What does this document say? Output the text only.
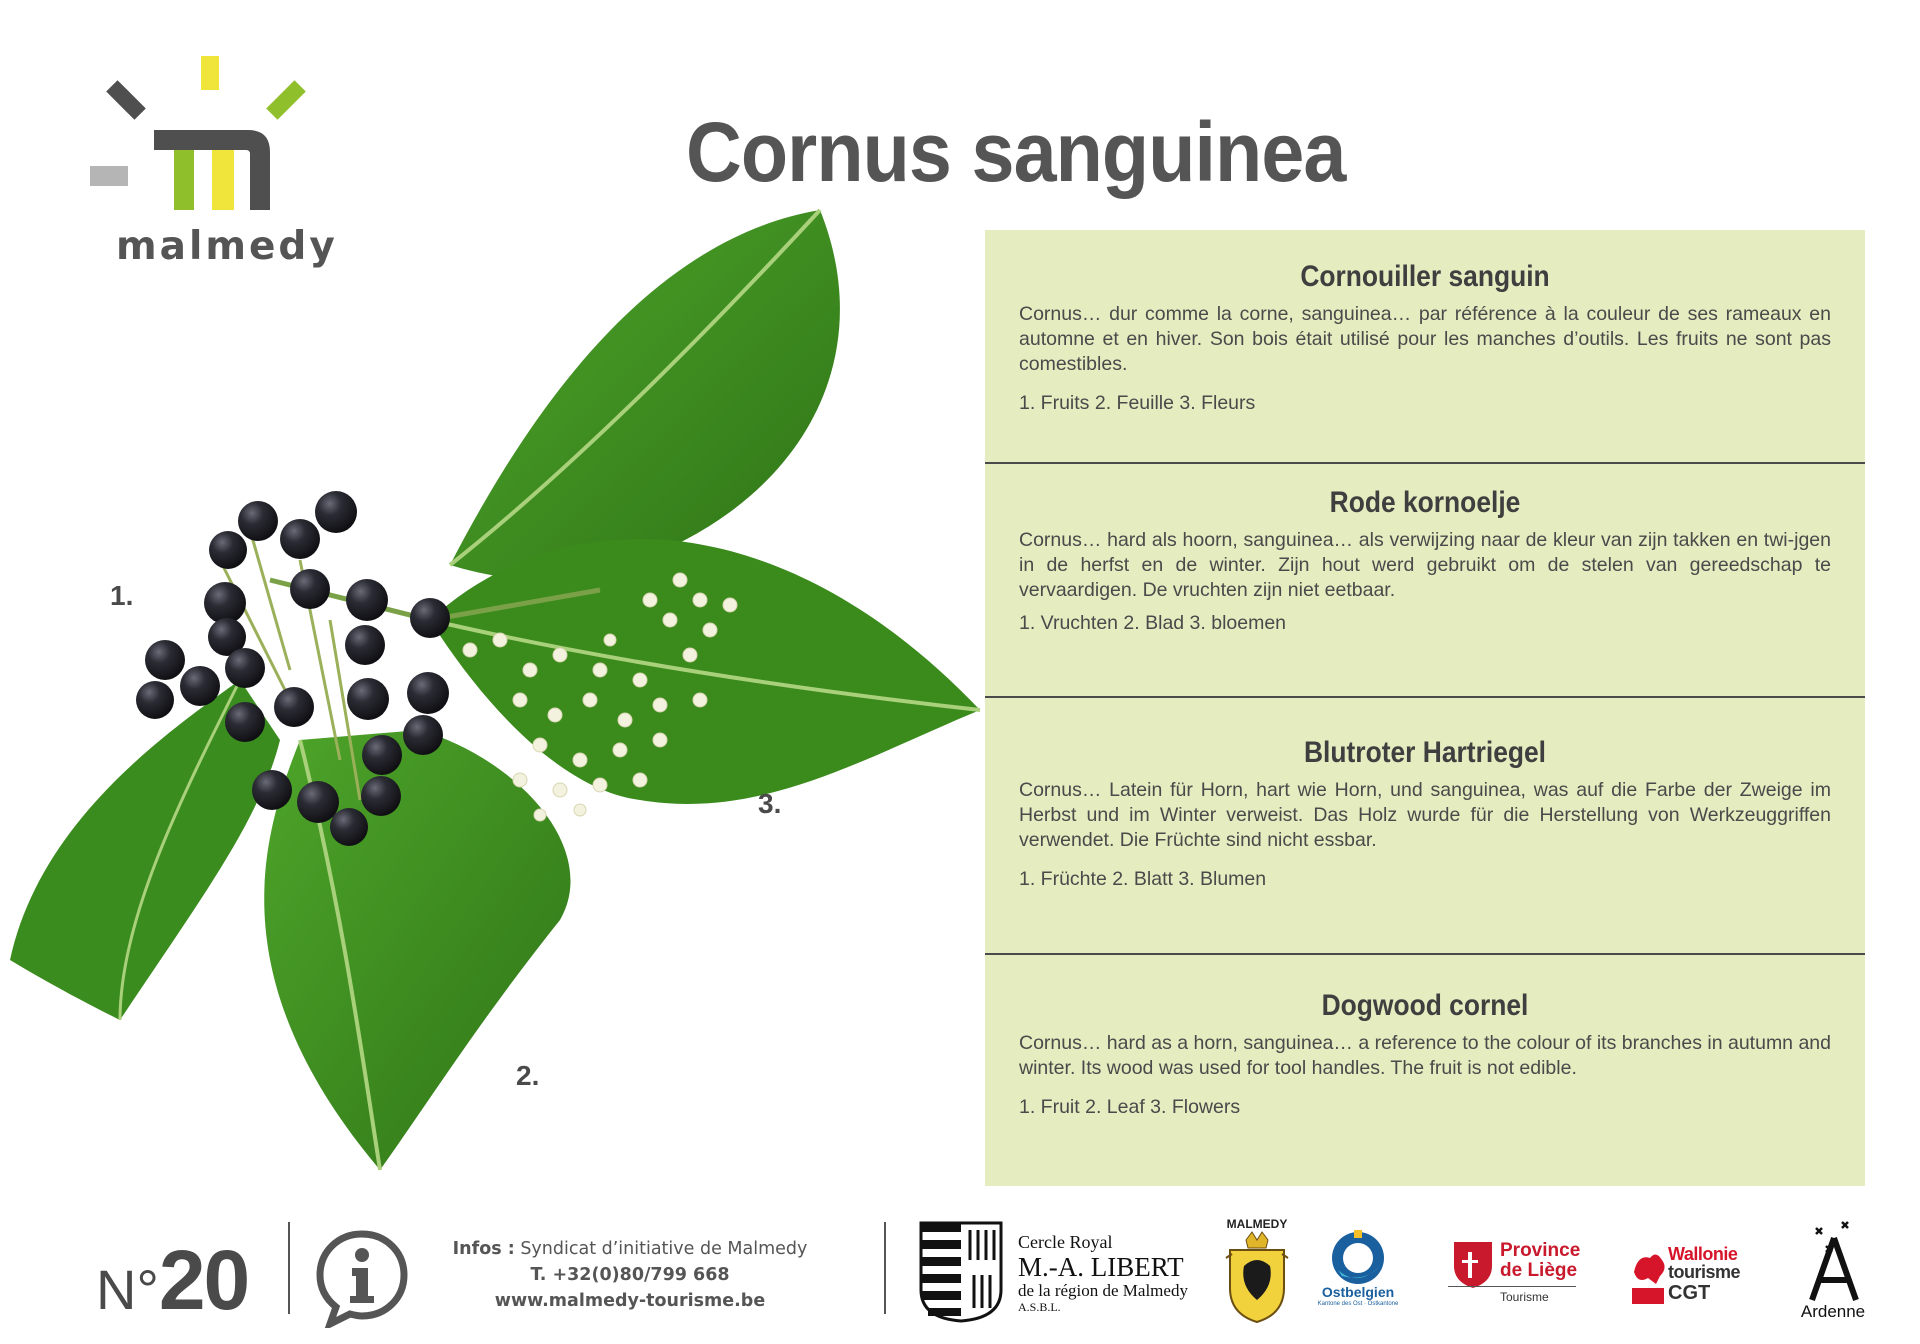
malmedy
Cornus sanguinea
1.
2.
3.
Cornouiller sanguin

Cornus… dur comme la corne, sanguinea… par référence à la couleur de ses rameaux en automne et en hiver. Son bois était utilisé pour les manches d’outils. Les fruits ne sont pas comestibles.

1. Fruits 2. Feuille 3. Fleurs

Rode kornoelje

Cornus… hard als hoorn, sanguinea… als verwijzing naar de kleur van zijn takken en twi-jgen in de herfst en de winter. Zijn hout werd gebruikt om de stelen van gereedschap te vervaardigen. De vruchten zijn niet eetbaar.

1. Vruchten 2. Blad 3. bloemen

Blutroter Hartriegel

Cornus… Latein für Horn, hart wie Horn, und sanguinea, was auf die Farbe der Zweige im Herbst und im Winter verweist. Das Holz wurde für die Herstellung von Werkzeuggriffen verwendet. Die Früchte sind nicht essbar.

1. Früchte 2. Blatt 3. Blumen

Dogwood cornel

Cornus… hard as a horn, sanguinea… a reference to the colour of its branches in autumn and winter. Its wood was used for tool handles. The fruit is not edible.

1. Fruit 2. Leaf 3. Flowers

N°20	Infos : Syndicat d’initiative de Malmedy
T. +32(0)80/799 668
www.malmedy-tourisme.be
Cercle Royal
M.-A. LIBERT
de la région de Malmedy
A.S.B.L.
MALMEDY
Ostbelgien
Kantone des Ost · Ostkantone
Province
de Liège
Tourisme
Wallonie
tourisme
CGT
Ardenne
